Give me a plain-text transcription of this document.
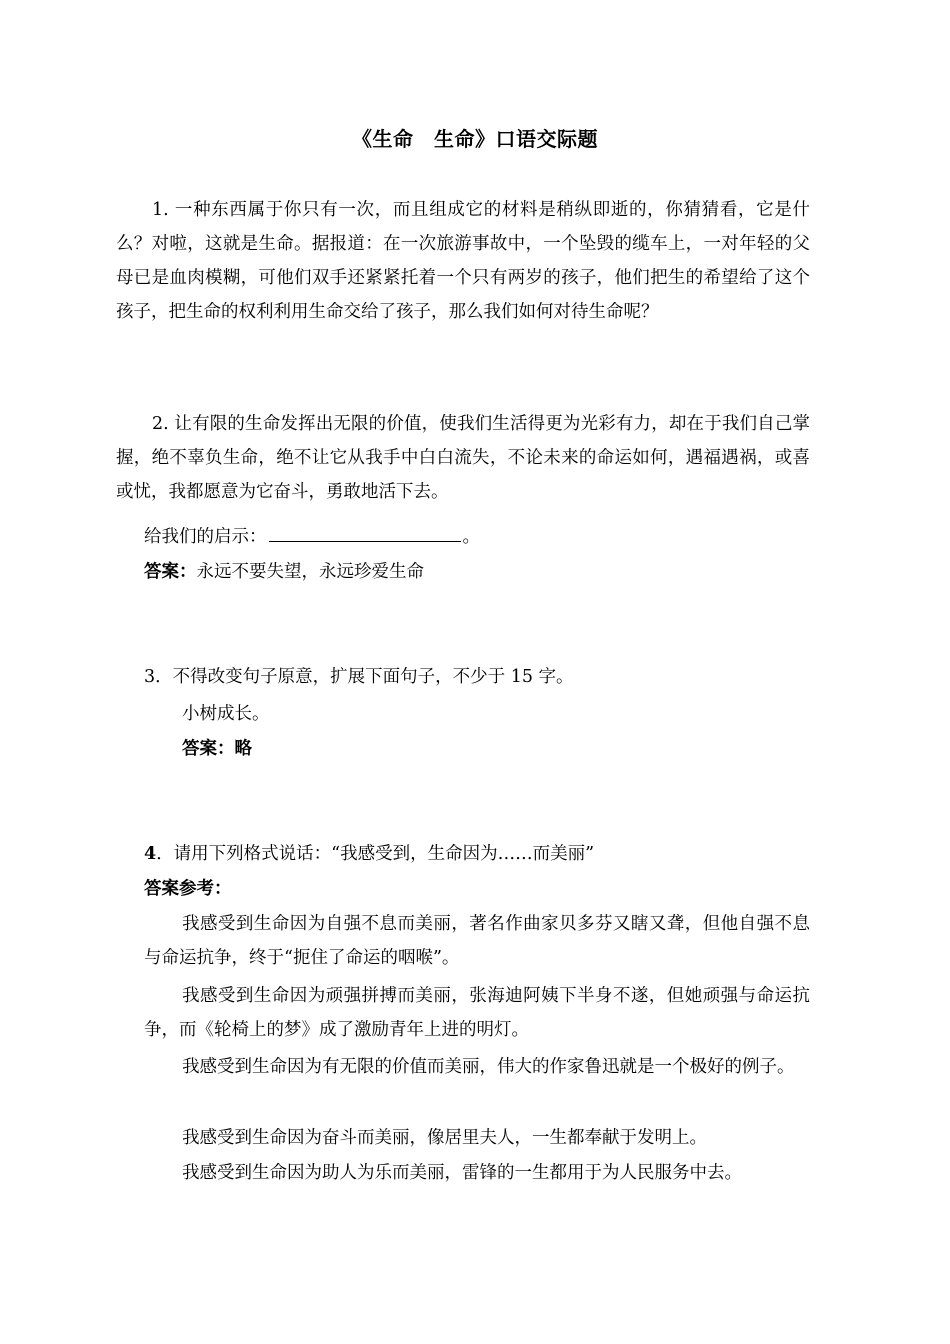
《生命　生命》口语交际题

1. 一种东西属于你只有一次，而且组成它的材料是稍纵即逝的，你猜猜看，它是什么？对啦，这就是生命。据报道：在一次旅游事故中，一个坠毁的缆车上，一对年轻的父母已是血肉模糊，可他们双手还紧紧托着一个只有两岁的孩子，他们把生的希望给了这个孩子，把生命的权利利用生命交给了孩子，那么我们如何对待生命呢？

2. 让有限的生命发挥出无限的价值，使我们生活得更为光彩有力，却在于我们自己掌握，绝不辜负生命，绝不让它从我手中白白流失，不论未来的命运如何，遇福遇祸，或喜或忧，我都愿意为它奋斗，勇敢地活下去。

给我们的启示：	。
答案：永远不要失望，永远珍爱生命
3．不得改变句子原意，扩展下面句子，不少于 15 字。
小树成长。
答案：略
4．请用下列格式说话：“我感受到，生命因为……而美丽”
答案参考：

我感受到生命因为自强不息而美丽，著名作曲家贝多芬又瞎又聋，但他自强不息与命运抗争，终于“扼住了命运的咽喉”。

我感受到生命因为顽强拼搏而美丽，张海迪阿姨下半身不遂，但她顽强与命运抗争，而《轮椅上的梦》成了激励青年上进的明灯。

我感受到生命因为有无限的价值而美丽，伟大的作家鲁迅就是一个极好的例子。

我感受到生命因为奋斗而美丽，像居里夫人，一生都奉献于发明上。

我感受到生命因为助人为乐而美丽，雷锋的一生都用于为人民服务中去。
